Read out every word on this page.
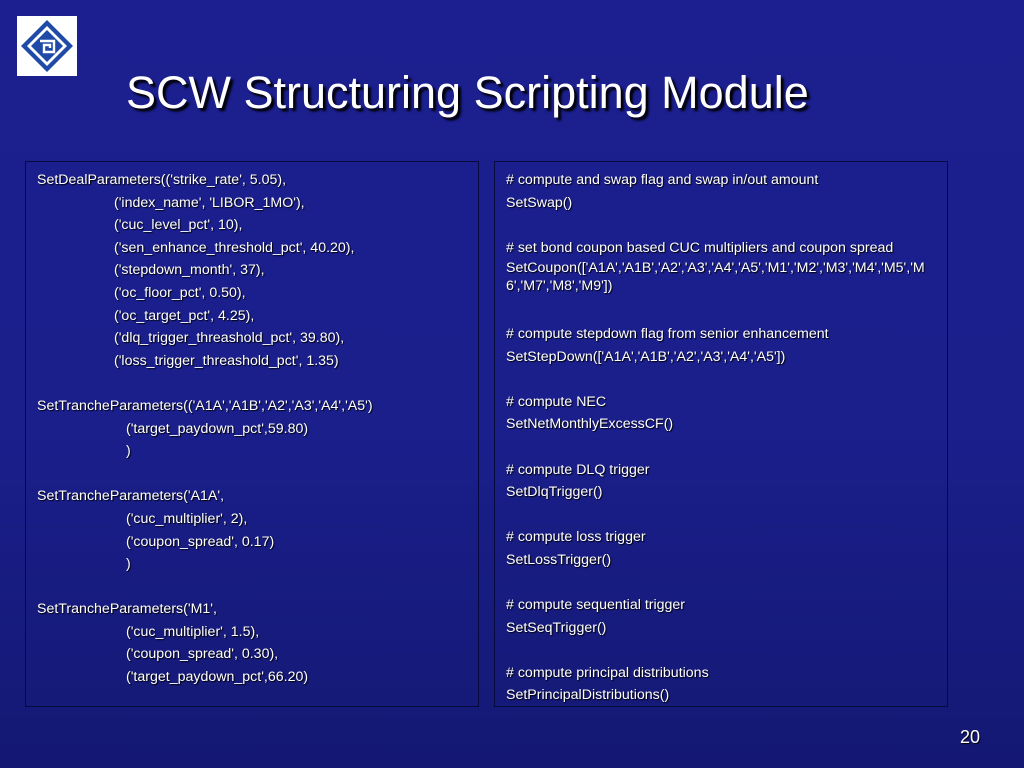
SCW Structuring Scripting Module
SetDealParameters(('strike_rate', 5.05),
('index_name', 'LIBOR_1MO'),
('cuc_level_pct', 10),
('sen_enhance_threshold_pct', 40.20),
('stepdown_month', 37),
('oc_floor_pct', 0.50),
('oc_target_pct', 4.25),
('dlq_trigger_threashold_pct', 39.80),
('loss_trigger_threashold_pct', 1.35)
SetTrancheParameters(('A1A','A1B','A2','A3','A4','A5')
('target_paydown_pct',59.80)
)
SetTrancheParameters('A1A',
('cuc_multiplier', 2),
('coupon_spread', 0.17)
)
SetTrancheParameters('M1',
('cuc_multiplier', 1.5),
('coupon_spread', 0.30),
('target_paydown_pct',66.20)
# compute and swap flag and swap in/out amount
SetSwap()
# set bond coupon based CUC multipliers and coupon spread
SetCoupon(['A1A','A1B','A2','A3','A4','A5','M1','M2','M3','M4','M5','M6','M7','M8','M9'])
# compute stepdown flag from senior enhancement
SetStepDown(['A1A','A1B','A2','A3','A4','A5'])
# compute NEC
SetNetMonthlyExcessCF()
# compute DLQ trigger
SetDlqTrigger()
# compute loss trigger
SetLossTrigger()
# compute sequential trigger
SetSeqTrigger()
# compute principal distributions
SetPrincipalDistributions()
20
